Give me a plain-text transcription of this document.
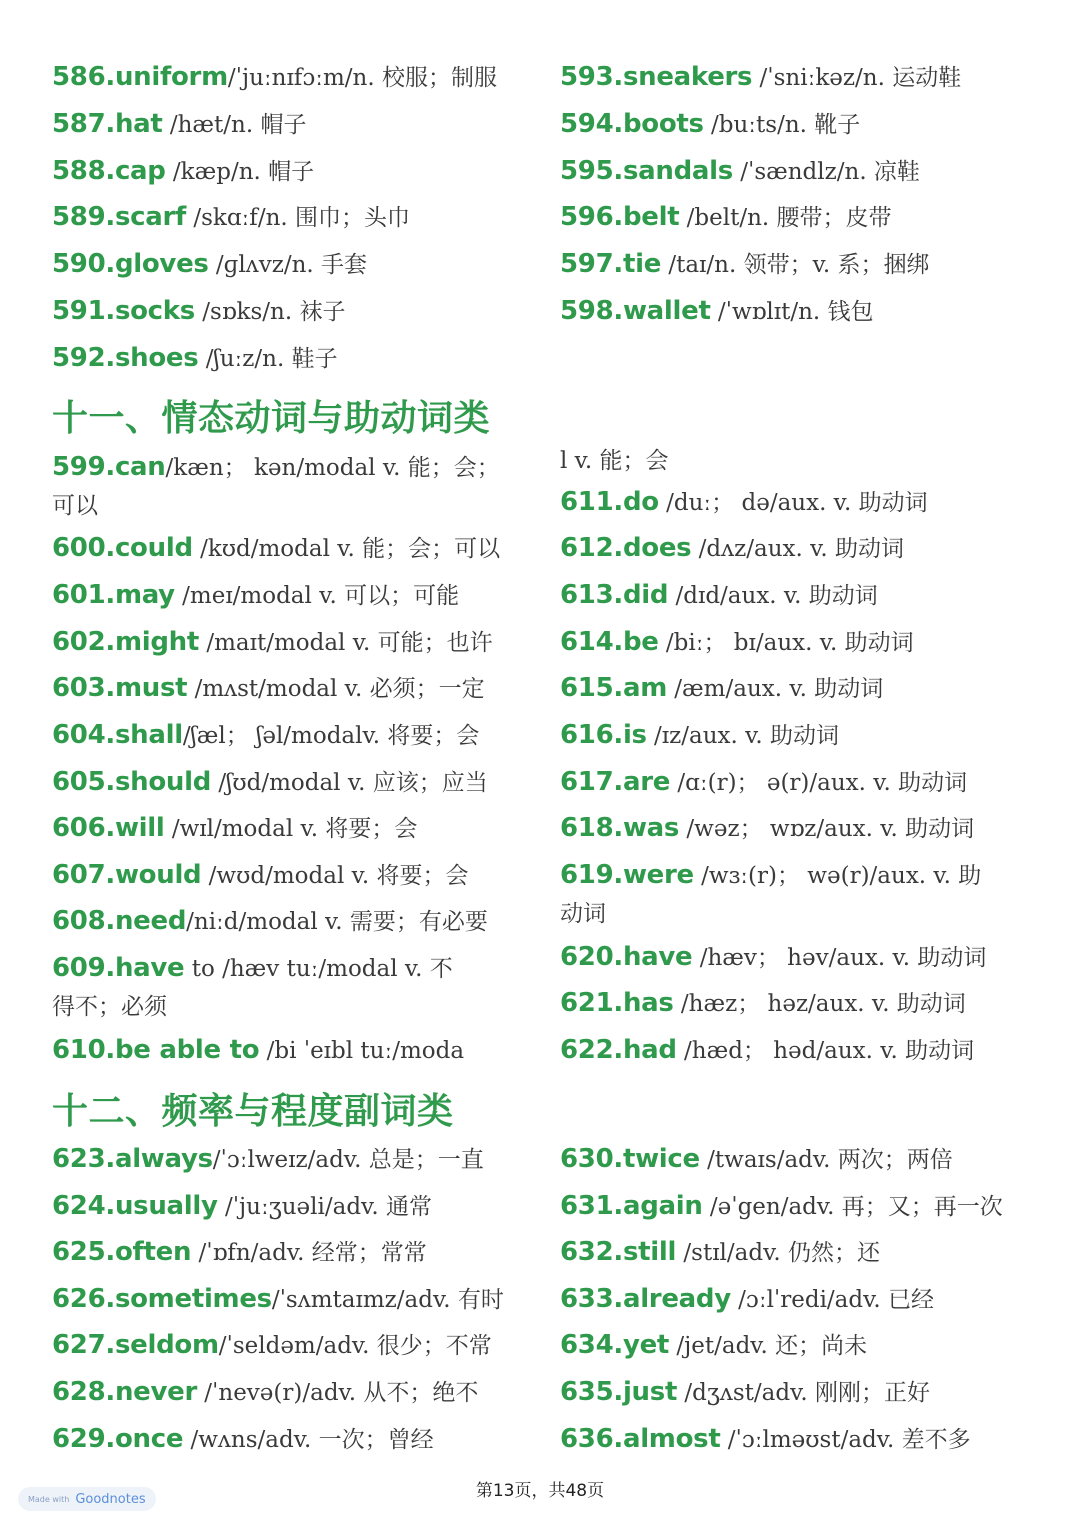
586.uniform/ˈjuːnɪfɔːm/n. 校服；制服
587.hat /hæt/n. 帽子
588.cap /kæp/n. 帽子
589.scarf /skɑːf/n. 围巾；头巾
590.gloves /ɡlʌvz/n. 手套
591.socks /sɒks/n. 袜子
592.shoes /ʃuːz/n. 鞋子
599.can/kæn； kən/modal v. 能；会；
可以
600.could /kʊd/modal v. 能；会；可以
601.may /meɪ/modal v. 可以；可能
602.might /maɪt/modal v. 可能；也许
603.must /mʌst/modal v. 必须；一定
604.shall/ʃæl； ʃəl/modalv. 将要；会
605.should /ʃʊd/modal v. 应该；应当
606.will /wɪl/modal v. 将要；会
607.would /wʊd/modal v. 将要；会
608.need/niːd/modal v. 需要；有必要
609.have to /hæv tuː/modal v. 不
得不；必须
610.be able to /bi ˈeɪbl tuː/moda
623.always/ˈɔːlweɪz/adv. 总是；一直
624.usually /ˈjuːʒuəli/adv. 通常
625.often /ˈɒfn/adv. 经常；常常
626.sometimes/ˈsʌmtaɪmz/adv. 有时
627.seldom/ˈseldəm/adv. 很少；不常
628.never /ˈnevə(r)/adv. 从不；绝不
629.once /wʌns/adv. 一次；曾经
593.sneakers /ˈsniːkəz/n. 运动鞋
594.boots /buːts/n. 靴子
595.sandals /ˈsændlz/n. 凉鞋
596.belt /belt/n. 腰带；皮带
597.tie /taɪ/n. 领带；v. 系；捆绑
598.wallet /ˈwɒlɪt/n. 钱包
l v. 能；会
611.do /duː； də/aux. v. 助动词
612.does /dʌz/aux. v. 助动词
613.did /dɪd/aux. v. 助动词
614.be /biː； bɪ/aux. v. 助动词
615.am /æm/aux. v. 助动词
616.is /ɪz/aux. v. 助动词
617.are /ɑː(r)； ə(r)/aux. v. 助动词
618.was /wəz； wɒz/aux. v. 助动词
619.were /wɜː(r)； wə(r)/aux. v. 助
动词
620.have /hæv； həv/aux. v. 助动词
621.has /hæz； həz/aux. v. 助动词
622.had /hæd； həd/aux. v. 助动词
630.twice /twaɪs/adv. 两次；两倍
631.again /əˈgen/adv. 再；又；再一次
632.still /stɪl/adv. 仍然；还
633.already /ɔːlˈredi/adv. 已经
634.yet /jet/adv. 还；尚未
635.just /dʒʌst/adv. 刚刚；正好
636.almost /ˈɔːlməʊst/adv. 差不多
十一、情态动词与助动词类
十二、频率与程度副词类
第13页，共48页
Made with Goodnotes
